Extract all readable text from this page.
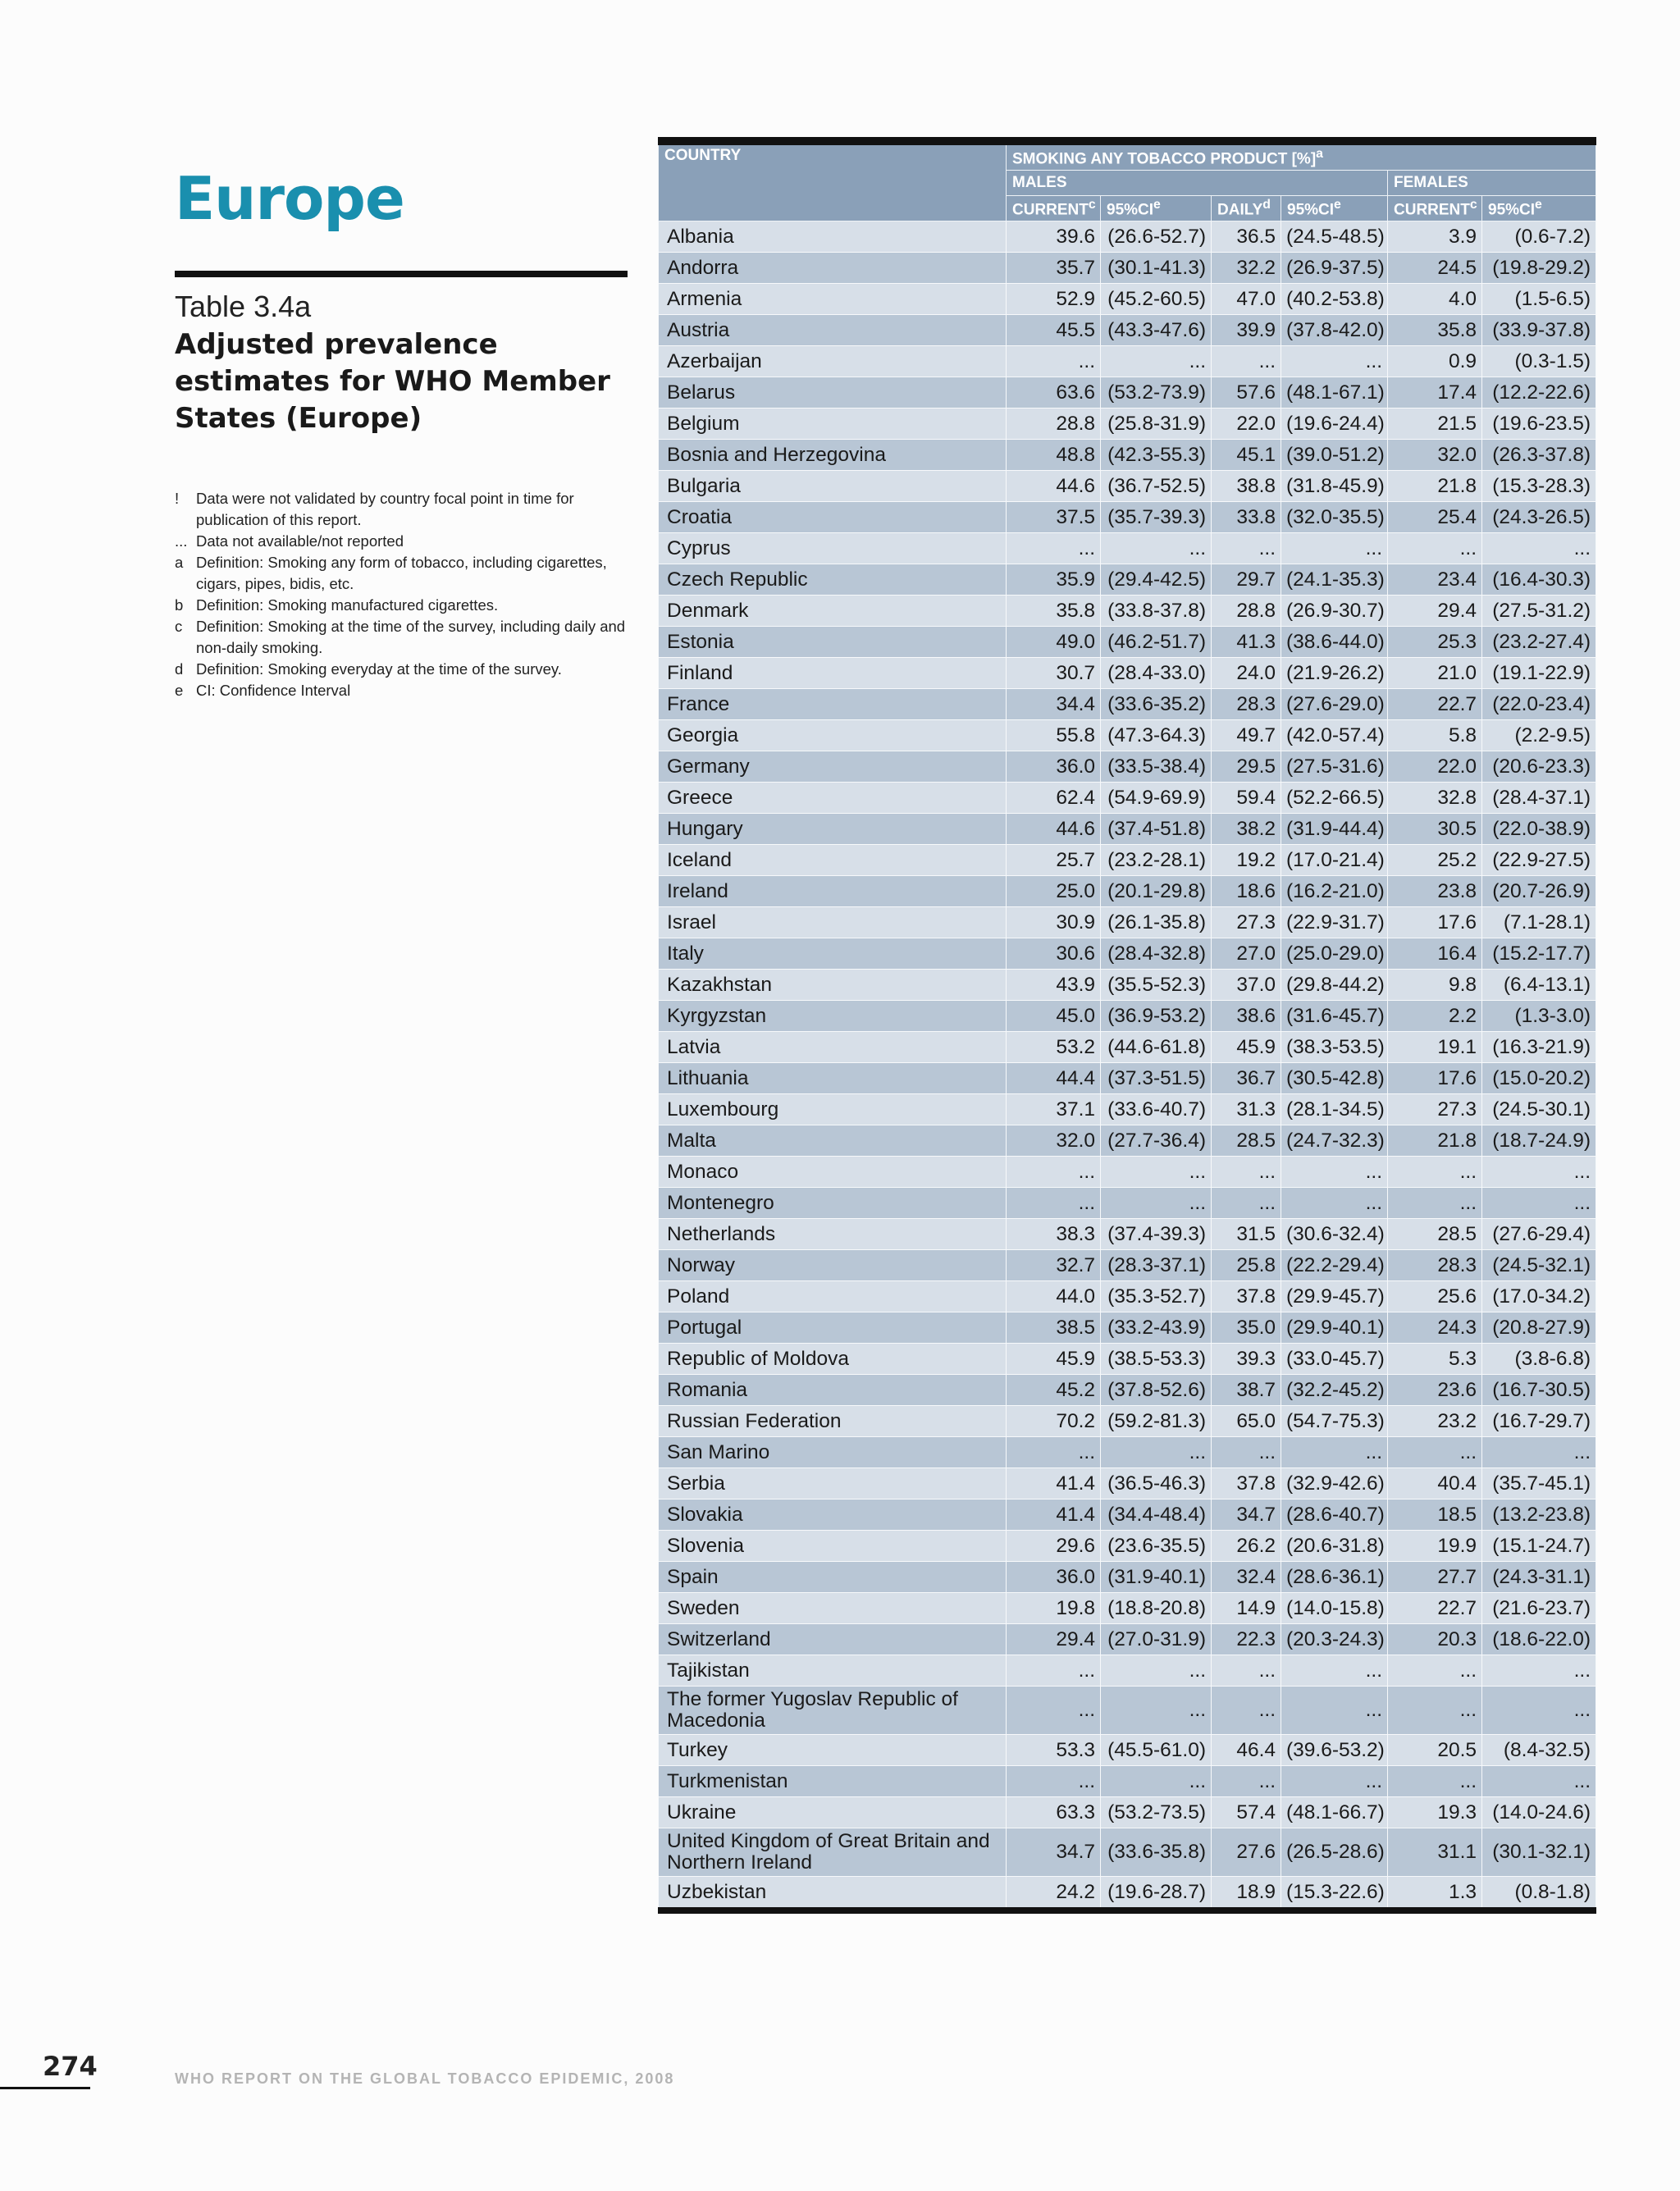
Europe
Table 3.4a
Adjusted prevalence estimates for WHO Member States (Europe)
!	Data were not validated by country focal point in time for publication of this report.
... Data not available/not reported
a Definition: Smoking any form of tobacco, including cigarettes, cigars, pipes, bidis, etc.
b Definition: Smoking manufactured cigarettes.
c Definition: Smoking at the time of the survey, including daily and non-daily smoking.
d Definition: Smoking everyday at the time of the survey.
e CI: Confidence Interval
COUNTRY	SMOKING ANY TOBACCO PRODUCT [%]$^a$
	MALES				FEMALES	
	CURRENT$^c$	95%CIe	DAILY$^d$	95%CIe	CURRENT$^c$	95%CIe
Albania	39.6	(26.6-52.7)	36.5	(24.5-48.5)	3.9	(0.6-7.2)
Andorra	35.7	(30.1-41.3)	32.2	(26.9-37.5)	24.5	(19.8-29.2)
Armenia	52.9	(45.2-60.5)	47.0	(40.2-53.8)	4.0	(1.5-6.5)
Austria	45.5	(43.3-47.6)	39.9	(37.8-42.0)	35.8	(33.9-37.8)
Azerbaijan	...	...	...	...	0.9	(0.3-1.5)
Belarus	63.6	(53.2-73.9)	57.6	(48.1-67.1)	17.4	(12.2-22.6)
Belgium	28.8	(25.8-31.9)	22.0	(19.6-24.4)	21.5	(19.6-23.5)
Bosnia and Herzegovina	48.8	(42.3-55.3)	45.1	(39.0-51.2)	32.0	(26.3-37.8)
Bulgaria	44.6	(36.7-52.5)	38.8	(31.8-45.9)	21.8	(15.3-28.3)
Croatia	37.5	(35.7-39.3)	33.8	(32.0-35.5)	25.4	(24.3-26.5)
Cyprus	...	...	...	...	...	...
Czech Republic	35.9	(29.4-42.5)	29.7	(24.1-35.3)	23.4	(16.4-30.3)
Denmark	35.8	(33.8-37.8)	28.8	(26.9-30.7)	29.4	(27.5-31.2)
Estonia	49.0	(46.2-51.7)	41.3	(38.6-44.0)	25.3	(23.2-27.4)
Finland	30.7	(28.4-33.0)	24.0	(21.9-26.2)	21.0	(19.1-22.9)
France	34.4	(33.6-35.2)	28.3	(27.6-29.0)	22.7	(22.0-23.4)
Georgia	55.8	(47.3-64.3)	49.7	(42.0-57.4)	5.8	(2.2-9.5)
Germany	36.0	(33.5-38.4)	29.5	(27.5-31.6)	22.0	(20.6-23.3)
Greece	62.4	(54.9-69.9)	59.4	(52.2-66.5)	32.8	(28.4-37.1)
Hungary	44.6	(37.4-51.8)	38.2	(31.9-44.4)	30.5	(22.0-38.9)
Iceland	25.7	(23.2-28.1)	19.2	(17.0-21.4)	25.2	(22.9-27.5)
Ireland	25.0	(20.1-29.8)	18.6	(16.2-21.0)	23.8	(20.7-26.9)
Israel	30.9	(26.1-35.8)	27.3	(22.9-31.7)	17.6	(7.1-28.1)
Italy	30.6	(28.4-32.8)	27.0	(25.0-29.0)	16.4	(15.2-17.7)
Kazakhstan	43.9	(35.5-52.3)	37.0	(29.8-44.2)	9.8	(6.4-13.1)
Kyrgyzstan	45.0	(36.9-53.2)	38.6	(31.6-45.7)	2.2	(1.3-3.0)
Latvia	53.2	(44.6-61.8)	45.9	(38.3-53.5)	19.1	(16.3-21.9)
Lithuania	44.4	(37.3-51.5)	36.7	(30.5-42.8)	17.6	(15.0-20.2)
Luxembourg	37.1	(33.6-40.7)	31.3	(28.1-34.5)	27.3	(24.5-30.1)
Malta	32.0	(27.7-36.4)	28.5	(24.7-32.3)	21.8	(18.7-24.9)
Monaco	...	...	...	...	...	...
Montenegro	...	...	...	...	...	...
Netherlands	38.3	(37.4-39.3)	31.5	(30.6-32.4)	28.5	(27.6-29.4)
Norway	32.7	(28.3-37.1)	25.8	(22.2-29.4)	28.3	(24.5-32.1)
Poland	44.0	(35.3-52.7)	37.8	(29.9-45.7)	25.6	(17.0-34.2)
Portugal	38.5	(33.2-43.9)	35.0	(29.9-40.1)	24.3	(20.8-27.9)
Republic of Moldova	45.9	(38.5-53.3)	39.3	(33.0-45.7)	5.3	(3.8-6.8)
Romania	45.2	(37.8-52.6)	38.7	(32.2-45.2)	23.6	(16.7-30.5)
Russian Federation	70.2	(59.2-81.3)	65.0	(54.7-75.3)	23.2	(16.7-29.7)
San Marino	...	...	...	...	...	...
Serbia	41.4	(36.5-46.3)	37.8	(32.9-42.6)	40.4	(35.7-45.1)
Slovakia	41.4	(34.4-48.4)	34.7	(28.6-40.7)	18.5	(13.2-23.8)
Slovenia	29.6	(23.6-35.5)	26.2	(20.6-31.8)	19.9	(15.1-24.7)
Spain	36.0	(31.9-40.1)	32.4	(28.6-36.1)	27.7	(24.3-31.1)
Sweden	19.8	(18.8-20.8)	14.9	(14.0-15.8)	22.7	(21.6-23.7)
Switzerland	29.4	(27.0-31.9)	22.3	(20.3-24.3)	20.3	(18.6-22.0)
Tajikistan	...	...	...	...	...	...
The former Yugoslav Republic of Macedonia	...	...	...	...	...	...
Turkey	53.3	(45.5-61.0)	46.4	(39.6-53.2)	20.5	(8.4-32.5)
Turkmenistan	...	...	...	...	...	...
Ukraine	63.3	(53.2-73.5)	57.4	(48.1-66.7)	19.3	(14.0-24.6)
United Kingdom of Great Britain and Northern Ireland	34.7	(33.6-35.8)	27.6	(26.5-28.6)	31.1	(30.1-32.1)
Uzbekistan	24.2	(19.6-28.7)	18.9	(15.3-22.6)	1.3	(0.8-1.8)
274	WHO REPORT ON THE GLOBAL TOBACCO EPIDEMIC, 2008
